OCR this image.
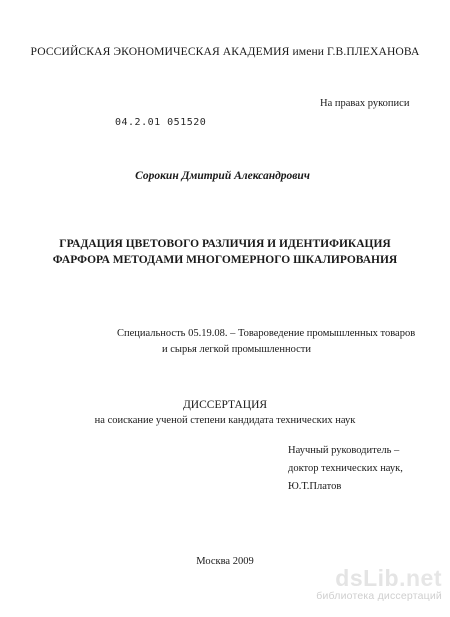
РОССИЙСКАЯ ЭКОНОМИЧЕСКАЯ АКАДЕМИЯ имени Г.В.ПЛЕХАНОВА
На правах рукописи
04.2.01 051520
Сорокин Дмитрий Александрович
ГРАДАЦИЯ ЦВЕТОВОГО РАЗЛИЧИЯ И ИДЕНТИФИКАЦИЯ
ФАРФОРА МЕТОДАМИ МНОГОМЕРНОГО ШКАЛИРОВАНИЯ
Специальность 05.19.08. – Товароведение промышленных товаров
и сырья легкой промышленности
ДИССЕРТАЦИЯ
на соискание ученой степени кандидата технических наук
Научный руководитель –
доктор технических наук,
Ю.Т.Платов
Москва 2009
dsLib.net
библиотека диссертаций
